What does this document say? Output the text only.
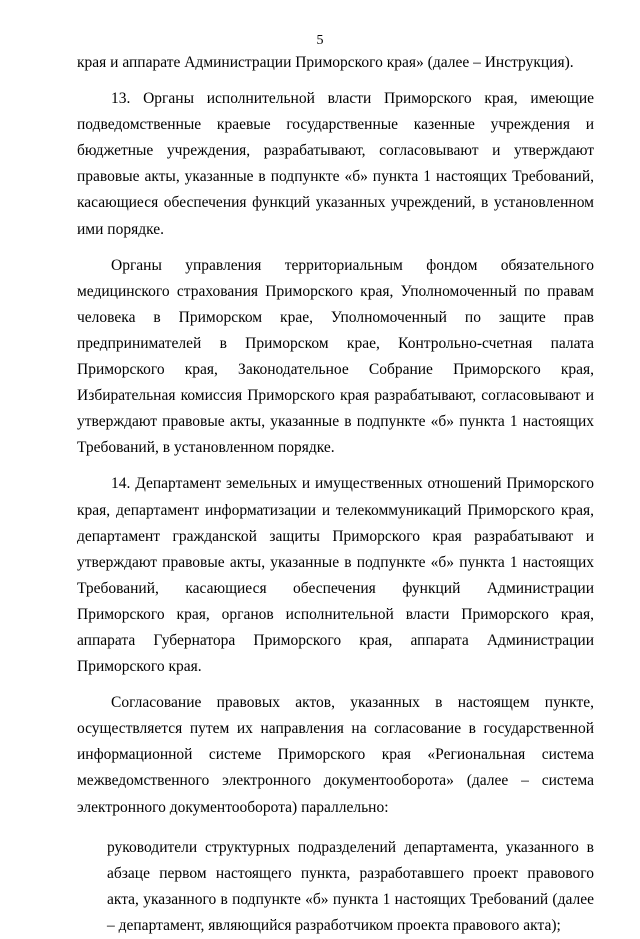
5

края и аппарате Администрации Приморского края» (далее – Инструкция).

13. Органы исполнительной власти Приморского края, имеющие подведомственные краевые государственные казенные учреждения и бюджетные учреждения, разрабатывают, согласовывают и утверждают правовые акты, указанные в подпункте «б» пункта 1 настоящих Требований, касающиеся обеспечения функций указанных учреждений, в установленном ими порядке.

Органы управления территориальным фондом обязательного медицинского страхования Приморского края, Уполномоченный по правам человека в Приморском крае, Уполномоченный по защите прав предпринимателей в Приморском крае, Контрольно-счетная палата Приморского края, Законодательное Собрание Приморского края, Избирательная комиссия Приморского края разрабатывают, согласовывают и утверждают правовые акты, указанные в подпункте «б» пункта 1 настоящих Требований, в установленном порядке.

14. Департамент земельных и имущественных отношений Приморского края, департамент информатизации и телекоммуникаций Приморского края, департамент гражданской защиты Приморского края разрабатывают и утверждают правовые акты, указанные в подпункте «б» пункта 1 настоящих Требований, касающиеся обеспечения функций Администрации Приморского края, органов исполнительной власти Приморского края, аппарата Губернатора Приморского края, аппарата Администрации Приморского края.

Согласование правовых актов, указанных в настоящем пункте, осуществляется путем их направления на согласование в государственной информационной системе Приморского края «Региональная система межведомственного электронного документооборота» (далее – система электронного документооборота) параллельно:

руководители структурных подразделений департамента, указанного в абзаце первом настоящего пункта, разработавшего проект правового акта, указанного в подпункте «б» пункта 1 настоящих Требований (далее – департамент, являющийся разработчиком проекта правового акта);
